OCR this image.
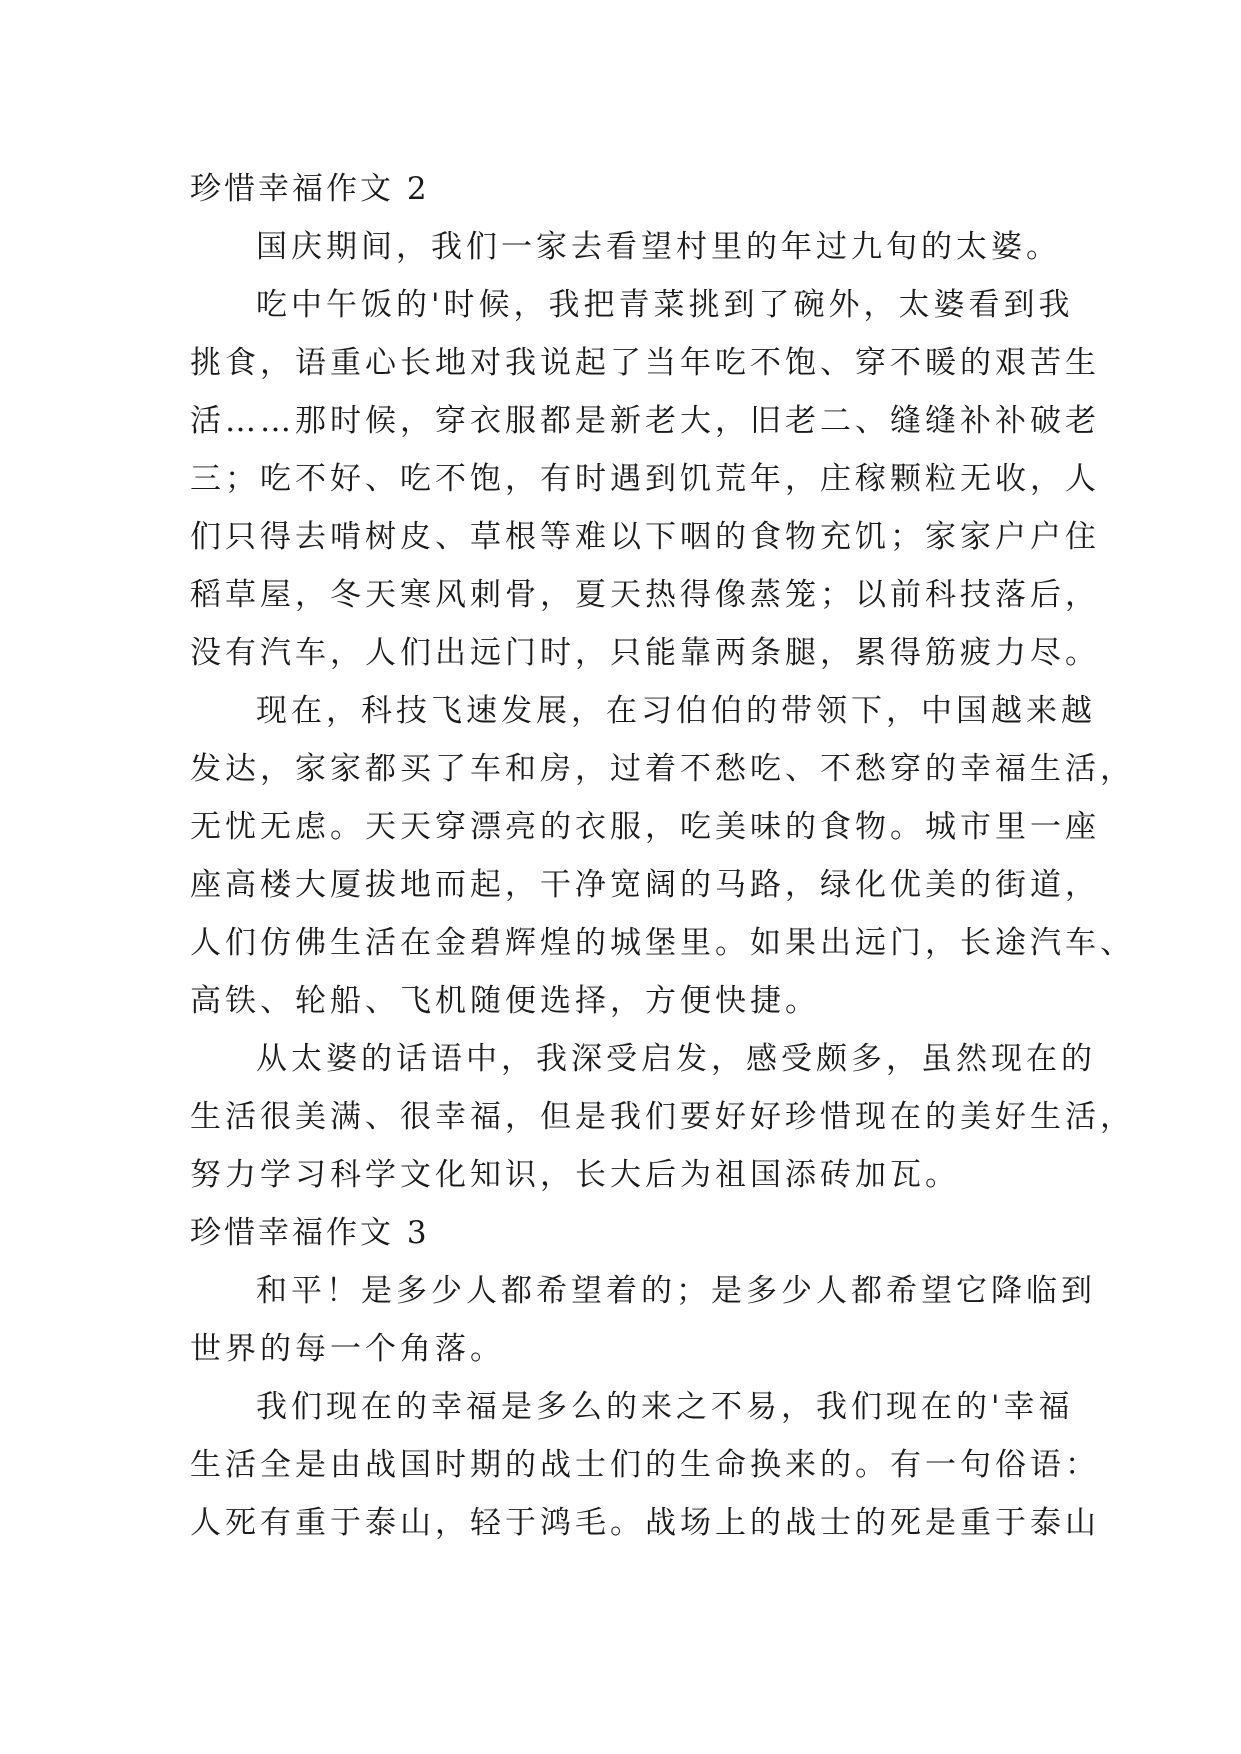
珍惜幸福作文 2
国庆期间，我们一家去看望村里的年过九旬的太婆。
吃中午饭的'时候，我把青菜挑到了碗外，太婆看到我
挑食，语重心长地对我说起了当年吃不饱、穿不暖的艰苦生
活……那时候，穿衣服都是新老大，旧老二、缝缝补补破老
三；吃不好、吃不饱，有时遇到饥荒年，庄稼颗粒无收，人
们只得去啃树皮、草根等难以下咽的食物充饥；家家户户住
稻草屋，冬天寒风刺骨，夏天热得像蒸笼；以前科技落后，
没有汽车，人们出远门时，只能靠两条腿，累得筋疲力尽。
现在，科技飞速发展，在习伯伯的带领下，中国越来越
发达，家家都买了车和房，过着不愁吃、不愁穿的幸福生活，
无忧无虑。天天穿漂亮的衣服，吃美味的食物。城市里一座
座高楼大厦拔地而起，干净宽阔的马路，绿化优美的街道，
人们仿佛生活在金碧辉煌的城堡里。如果出远门，长途汽车、
高铁、轮船、飞机随便选择，方便快捷。
从太婆的话语中，我深受启发，感受颇多，虽然现在的
生活很美满、很幸福，但是我们要好好珍惜现在的美好生活，
努力学习科学文化知识，长大后为祖国添砖加瓦。
珍惜幸福作文 3
和平！是多少人都希望着的；是多少人都希望它降临到
世界的每一个角落。
我们现在的幸福是多么的来之不易，我们现在的'幸福
生活全是由战国时期的战士们的生命换来的。有一句俗语：
人死有重于泰山，轻于鸿毛。战场上的战士的死是重于泰山
